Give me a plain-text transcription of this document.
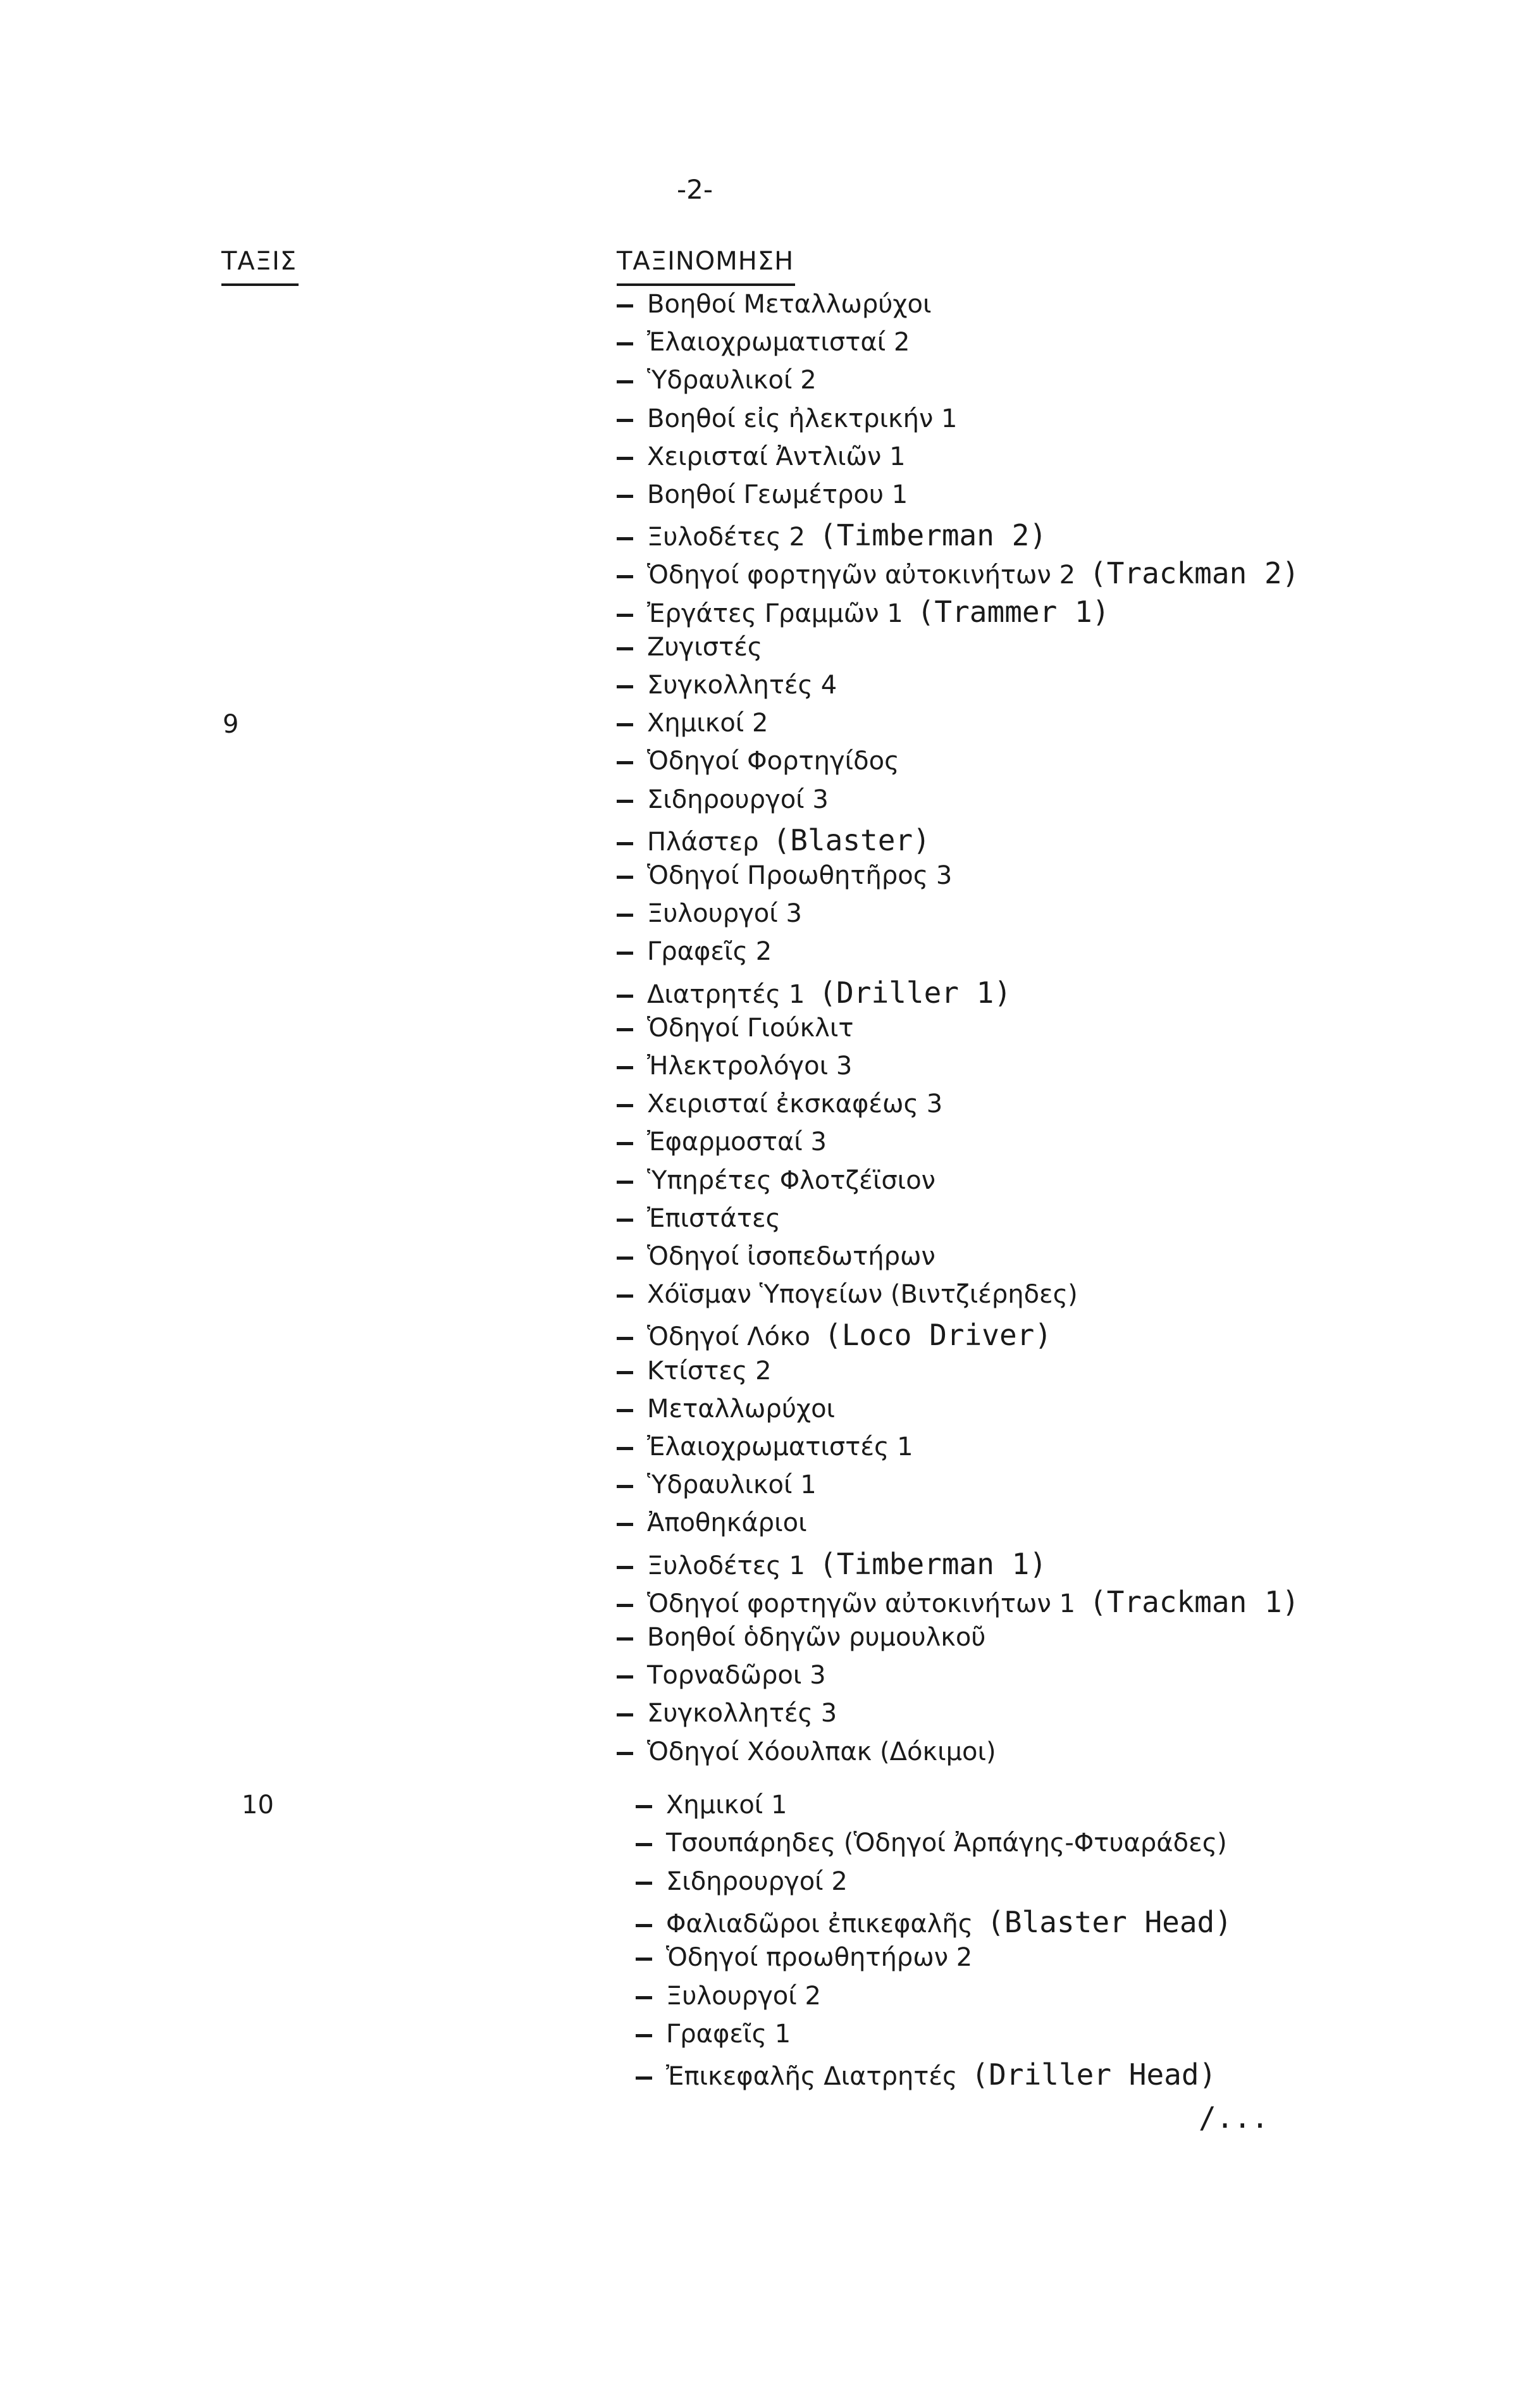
-2-
ΤΑΞΙΣ	ΤΑΞΙΝΟΜΗΣΗ
9
10
Βοηθοί Μεταλλωρύχοι
Ἐλαιοχρωματισταί 2
Ὑδραυλικοί 2
Βοηθοί εἰς ἠλεκτρικήν 1
Χειρισταί Ἀντλιῶν 1
Βοηθοί Γεωμέτρου 1
Ξυλοδέτες 2 (Timberman 2)
Ὁδηγοί φορτηγῶν αὐτοκινήτων 2 (Trackman 2)
Ἐργάτες Γραμμῶν 1 (Trammer 1)
Ζυγιστές
Συγκολλητές 4
Χημικοί 2
Ὁδηγοί Φορτηγίδος
Σιδηρουργοί 3
Πλάστερ (Blaster)
Ὁδηγοί Προωθητῆρος 3
Ξυλουργοί 3
Γραφεῖς 2
Διατρητές 1 (Driller 1)
Ὁδηγοί Γιούκλιτ
Ἠλεκτρολόγοι 3
Χειρισταί ἐκσκαφέως 3
Ἐφαρμοσταί 3
Ὑπηρέτες Φλοτζέϊσιον
Ἐπιστάτες
Ὁδηγοί ἰσοπεδωτήρων
Χόϊσμαν Ὑπογείων (Βιντζιέρηδες)
Ὁδηγοί Λόκο (Loco Driver)
Κτίστες 2
Μεταλλωρύχοι
Ἐλαιοχρωματιστές 1
Ὑδραυλικοί 1
Ἀποθηκάριοι
Ξυλοδέτες 1 (Timberman 1)
Ὁδηγοί φορτηγῶν αὐτοκινήτων 1 (Trackman 1)
Βοηθοί ὁδηγῶν ρυμουλκοῦ
Τορναδῶροι 3
Συγκολλητές 3
Ὁδηγοί Χόουλπακ (Δόκιμοι)
Χημικοί 1
Τσουπάρηδες (Ὁδηγοί Ἀρπάγης-Φτυαράδες)
Σιδηρουργοί 2
Φαλιαδῶροι ἐπικεφαλῆς (Blaster Head)
Ὁδηγοί προωθητήρων 2
Ξυλουργοί 2
Γραφεῖς 1
Ἐπικεφαλῆς Διατρητές (Driller Head)
/...
